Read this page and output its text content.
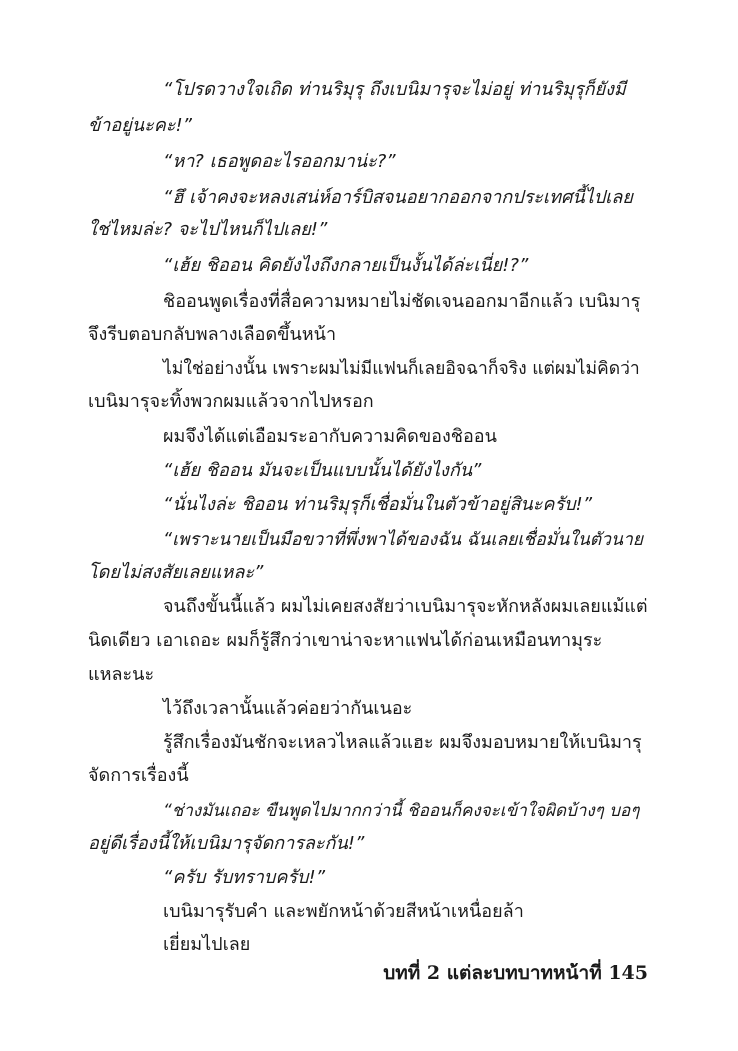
“โปรดวางใจเถิด ท่านริมุรุ ถึงเบนิมารุจะไม่อยู่ ท่านริมุรุก็ยังมี
ข้าอยู่นะคะ!”
“หา? เธอพูดอะไรออกมาน่ะ?”
“ฮึ เจ้าคงจะหลงเสน่ห์อาร์บิสจนอยากออกจากประเทศนี้ไปเลย
ใช่ไหมล่ะ? จะไปไหนก็ไปเลย!”
“เฮ้ย ชิออน คิดยังไงถึงกลายเป็นงั้นได้ล่ะเนี่ย!?”
ชิออนพูดเรื่องที่สื่อความหมายไม่ชัดเจนออกมาอีกแล้ว เบนิมารุ
จึงรีบตอบกลับพลางเลือดขึ้นหน้า
ไม่ใช่อย่างนั้น เพราะผมไม่มีแฟนก็เลยอิจฉาก็จริง แต่ผมไม่คิดว่า
เบนิมารุจะทิ้งพวกผมแล้วจากไปหรอก
ผมจึงได้แต่เอือมระอากับความคิดของชิออน
“เฮ้ย ชิออน มันจะเป็นแบบนั้นได้ยังไงกัน”
“นั่นไงล่ะ ชิออน ท่านริมุรุก็เชื่อมั่นในตัวข้าอยู่สินะครับ!”
“เพราะนายเป็นมือขวาที่พึ่งพาได้ของฉัน ฉันเลยเชื่อมั่นในตัวนาย
โดยไม่สงสัยเลยแหละ”
จนถึงขั้นนี้แล้ว ผมไม่เคยสงสัยว่าเบนิมารุจะหักหลังผมเลยแม้แต่
นิดเดียว เอาเถอะ ผมก็รู้สึกว่าเขาน่าจะหาแฟนได้ก่อนเหมือนทามุระ
แหละนะ
ไว้ถึงเวลานั้นแล้วค่อยว่ากันเนอะ
รู้สึกเรื่องมันชักจะเหลวไหลแล้วแฮะ ผมจึงมอบหมายให้เบนิมารุ
จัดการเรื่องนี้
“ช่างมันเถอะ ขืนพูดไปมากกว่านี้ ชิออนก็คงจะเข้าใจผิดบ้างๆ บอๆ
อยู่ดีเรื่องนี้ให้เบนิมารุจัดการละกัน!”
“ครับ รับทราบครับ!”
เบนิมารุรับคำ และพยักหน้าด้วยสีหน้าเหนื่อยล้า
เยี่ยมไปเลย
บทที่ 2 แต่ละบทบาทหน้าที่ 145
